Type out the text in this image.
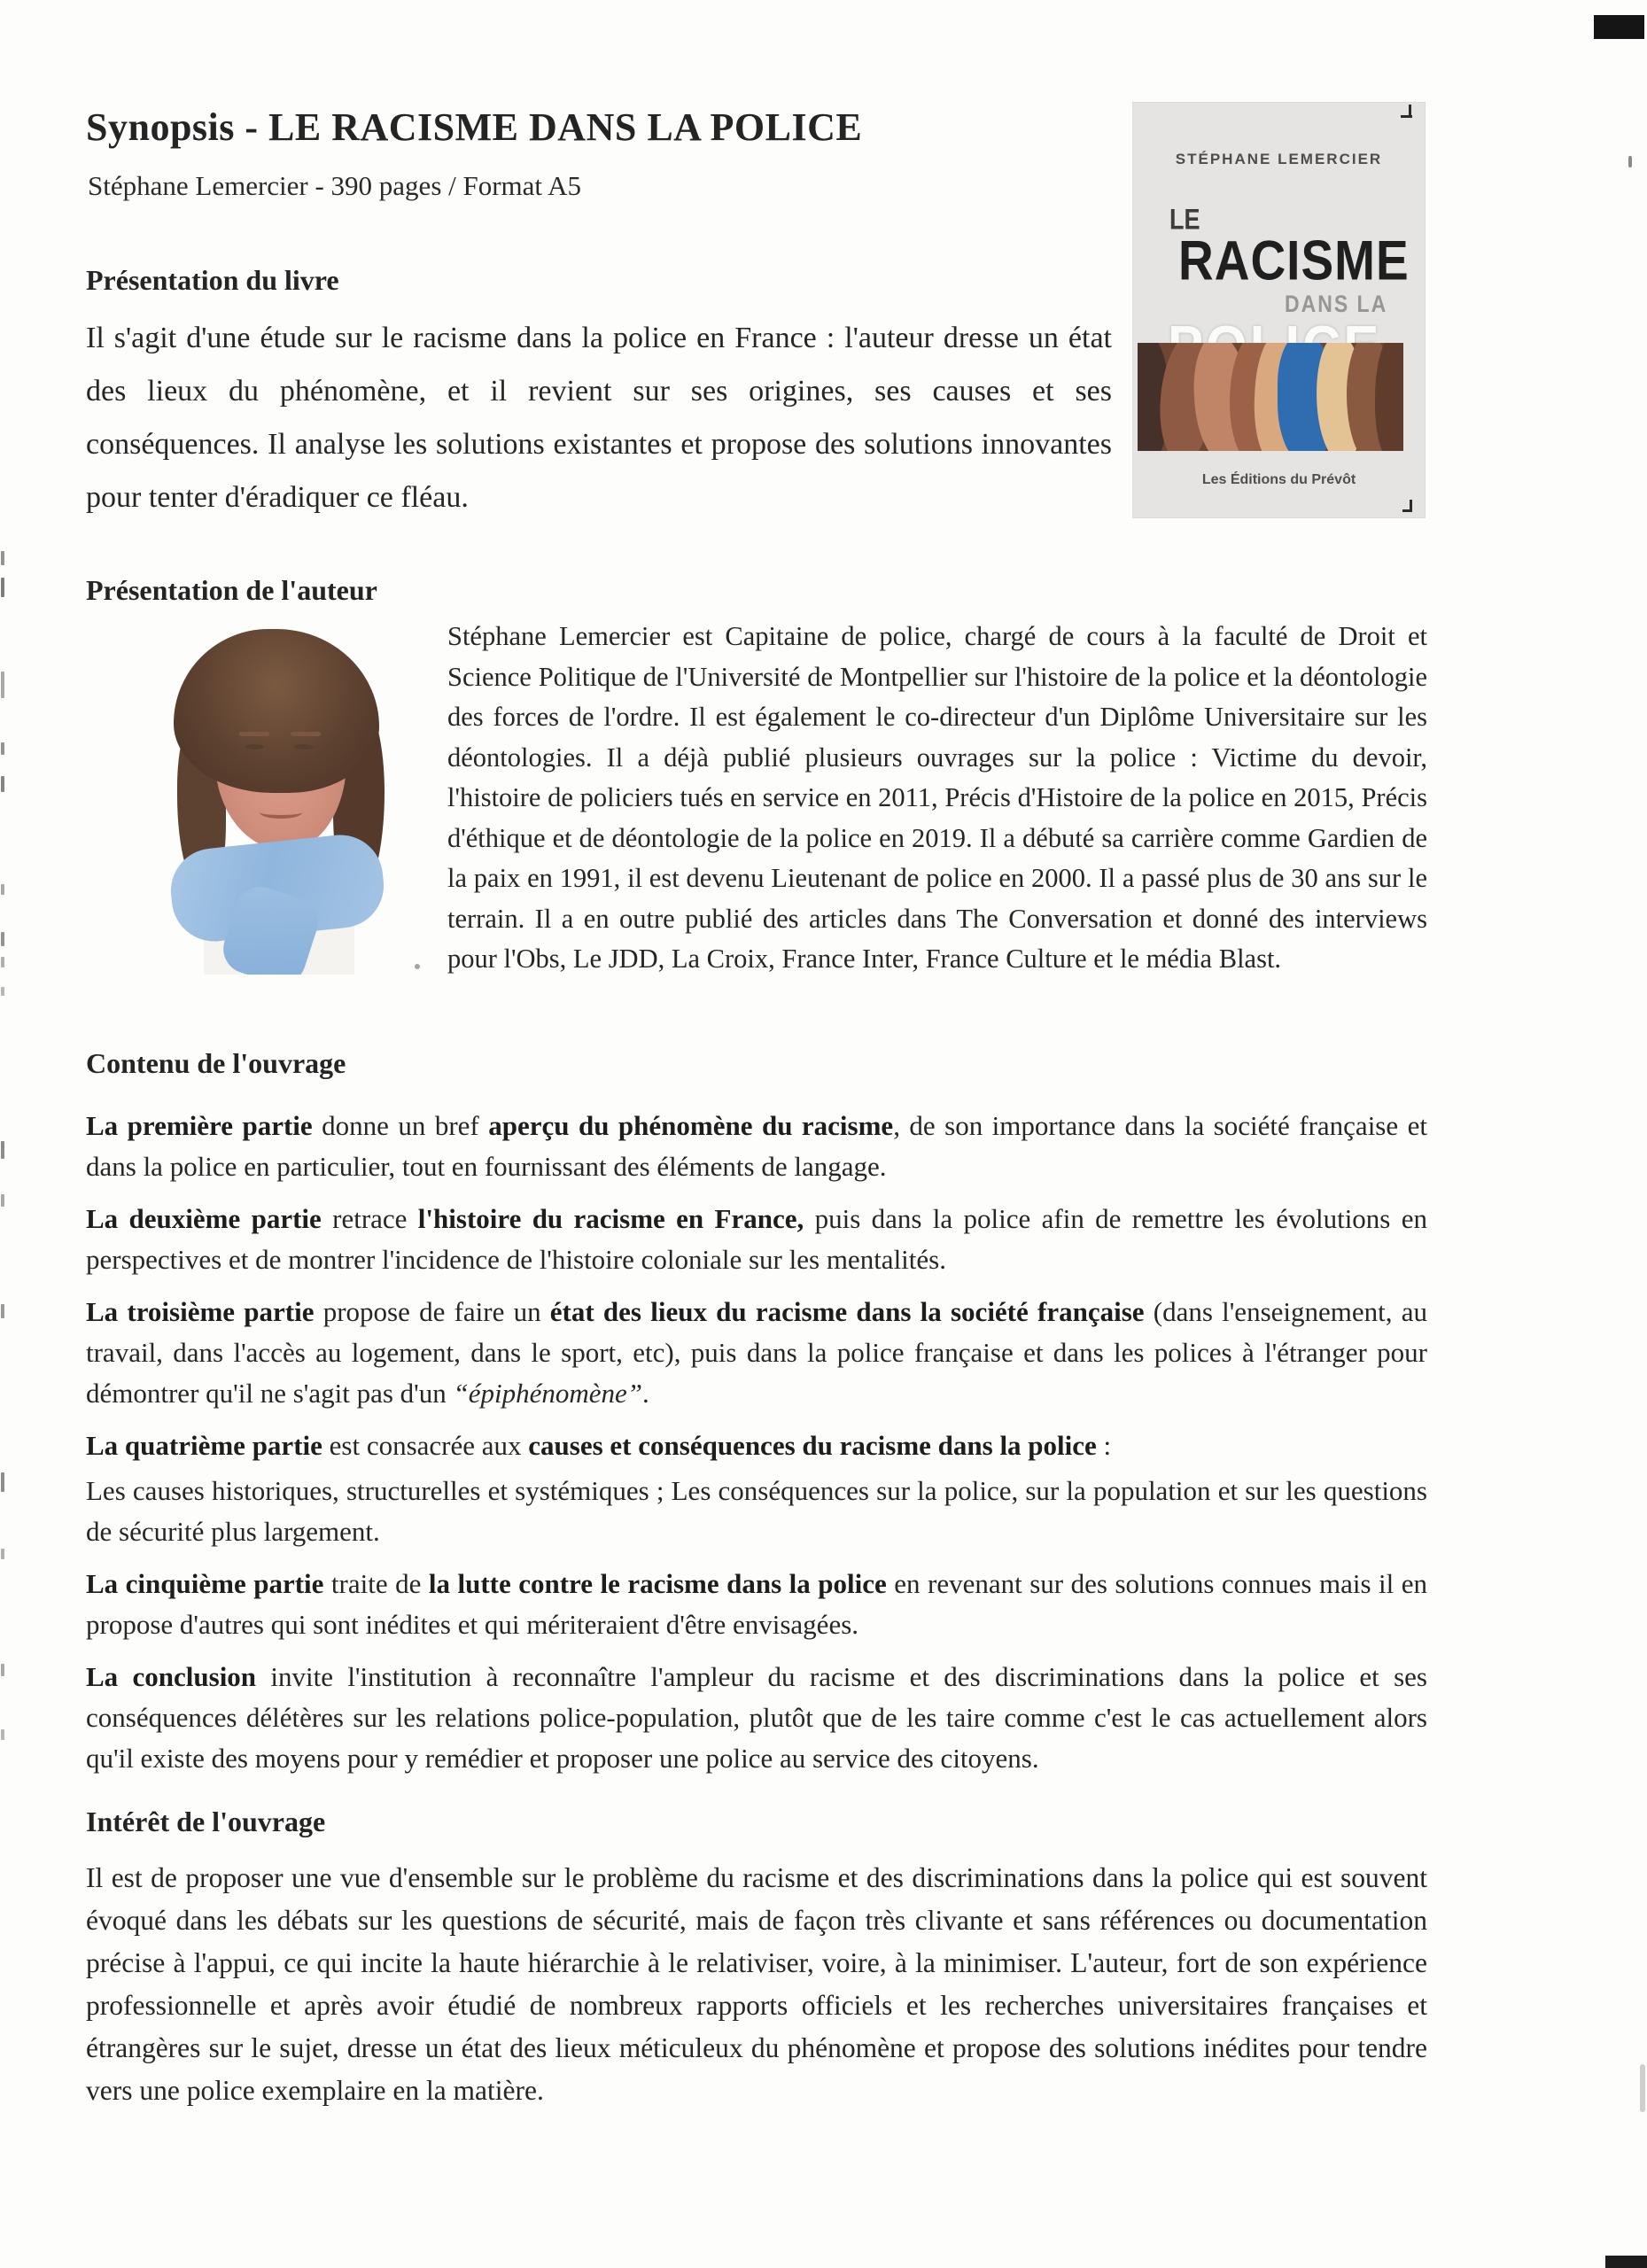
Synopsis - LE RACISME DANS LA POLICE
Stéphane Lemercier - 390 pages / Format A5
STÉPHANE LEMERCIER
LE
RACISME
DANS LA
Les Éditions du Prévôt
Présentation du livre
Il s'agit d'une étude sur le racisme dans la police en France : l'auteur dresse un état des lieux du phénomène, et il revient sur ses origines, ses causes et ses conséquences. Il analyse les solutions existantes et propose des solutions innovantes pour tenter d'éradiquer ce fléau.
Présentation de l'auteur
Stéphane Lemercier est Capitaine de police, chargé de cours à la faculté de Droit et Science Politique de l'Université de Montpellier sur l'histoire de la police et la déontologie des forces de l'ordre. Il est également le co-directeur d'un Diplôme Universitaire sur les déontologies. Il a déjà publié plusieurs ouvrages sur la police : Victime du devoir, l'histoire de policiers tués en service en 2011, Précis d'Histoire de la police en 2015, Précis d'éthique et de déontologie de la police en 2019. Il a débuté sa carrière comme Gardien de la paix en 1991, il est devenu Lieutenant de police en 2000. Il a passé plus de 30 ans sur le terrain. Il a en outre publié des articles dans The Conversation et donné des interviews pour l'Obs, Le JDD, La Croix, France Inter, France Culture et le média Blast.
Contenu de l'ouvrage

La première partie donne un bref aperçu du phénomène du racisme, de son importance dans la société française et dans la police en particulier, tout en fournissant des éléments de langage.

La deuxième partie retrace l'histoire du racisme en France, puis dans la police afin de remettre les évolutions en perspectives et de montrer l'incidence de l'histoire coloniale sur les mentalités.

La troisième partie propose de faire un état des lieux du racisme dans la société française (dans l'enseignement, au travail, dans l'accès au logement, dans le sport, etc), puis dans la police française et dans les polices à l'étranger pour démontrer qu'il ne s'agit pas d'un “épiphénomène”.

La quatrième partie est consacrée aux causes et conséquences du racisme dans la police :

Les causes historiques, structurelles et systémiques ; Les conséquences sur la police, sur la population et sur les questions de sécurité plus largement.

La cinquième partie traite de la lutte contre le racisme dans la police en revenant sur des solutions connues mais il en propose d'autres qui sont inédites et qui mériteraient d'être envisagées.

La conclusion invite l'institution à reconnaître l'ampleur du racisme et des discriminations dans la police et ses conséquences délétères sur les relations police-population, plutôt que de les taire comme c'est le cas actuellement alors qu'il existe des moyens pour y remédier et proposer une police au service des citoyens.

Intérêt de l'ouvrage
Il est de proposer une vue d'ensemble sur le problème du racisme et des discriminations dans la police qui est souvent évoqué dans les débats sur les questions de sécurité, mais de façon très clivante et sans références ou documentation précise à l'appui, ce qui incite la haute hiérarchie à le relativiser, voire, à la minimiser. L'auteur, fort de son expérience professionnelle et après avoir étudié de nombreux rapports officiels et les recherches universitaires françaises et étrangères sur le sujet, dresse un état des lieux méticuleux du phénomène et propose des solutions inédites pour tendre vers une police exemplaire en la matière.
